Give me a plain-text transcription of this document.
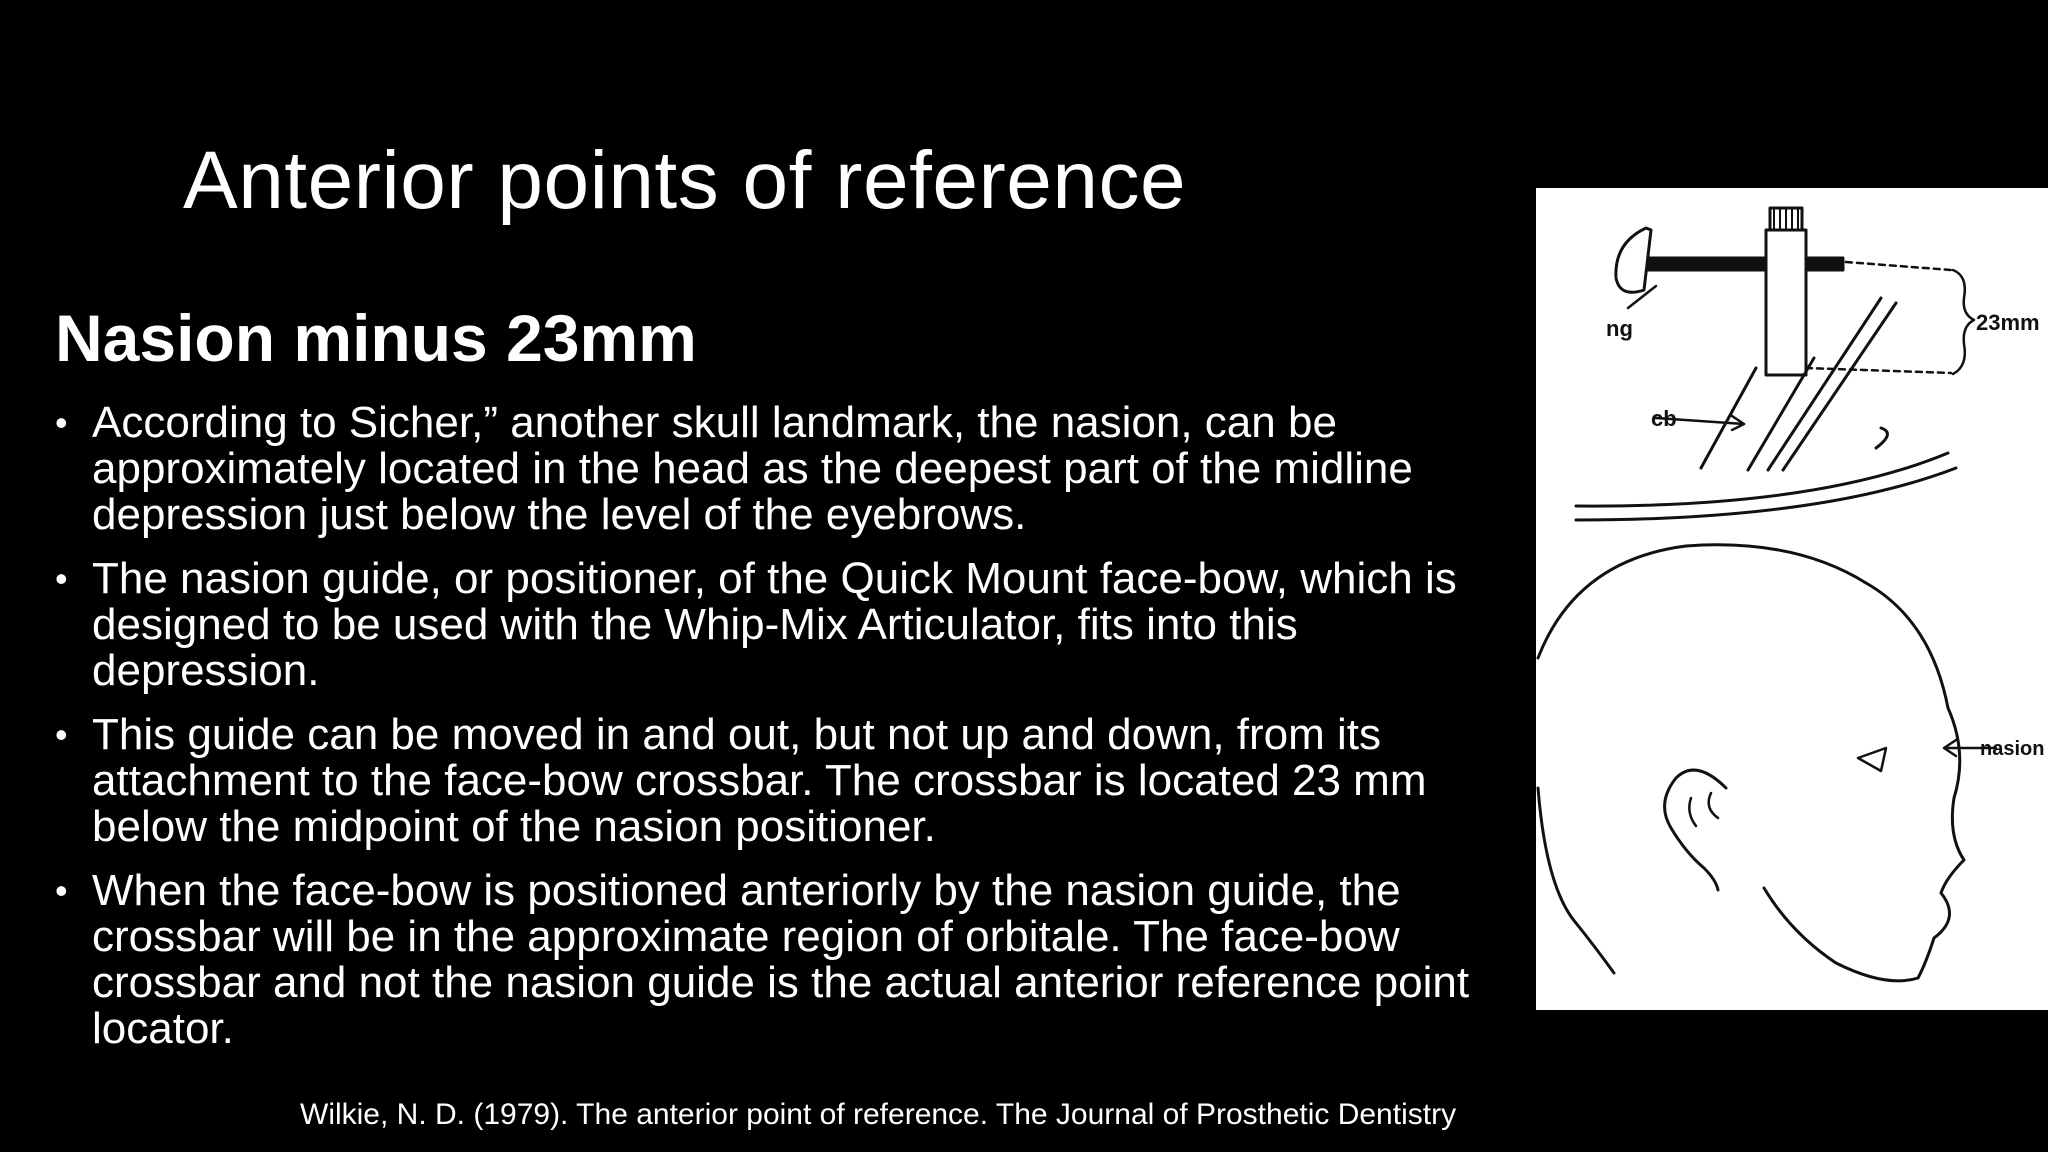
Anterior points of reference
Nasion minus 23mm
• According to Sicher,” another skull landmark, the nasion, can be approximately located in the head as the deepest part of the midline depression just below the level of the eyebrows.
• The nasion guide, or positioner, of the Quick Mount face-bow, which is designed to be used with the Whip-Mix Articulator, fits into this depression.
• This guide can be moved in and out, but not up and down, from its attachment to the face-bow crossbar. The crossbar is located 23 mm below the midpoint of the nasion positioner.
• When the face-bow is positioned anteriorly by the nasion guide, the crossbar will be in the approximate region of orbitale. The face-bow crossbar and not the nasion guide is the actual anterior reference point locator.
ng
cb
23mm
nasion

Wilkie, N. D. (1979). The anterior point of reference. The Journal of Prosthetic Dentistry
